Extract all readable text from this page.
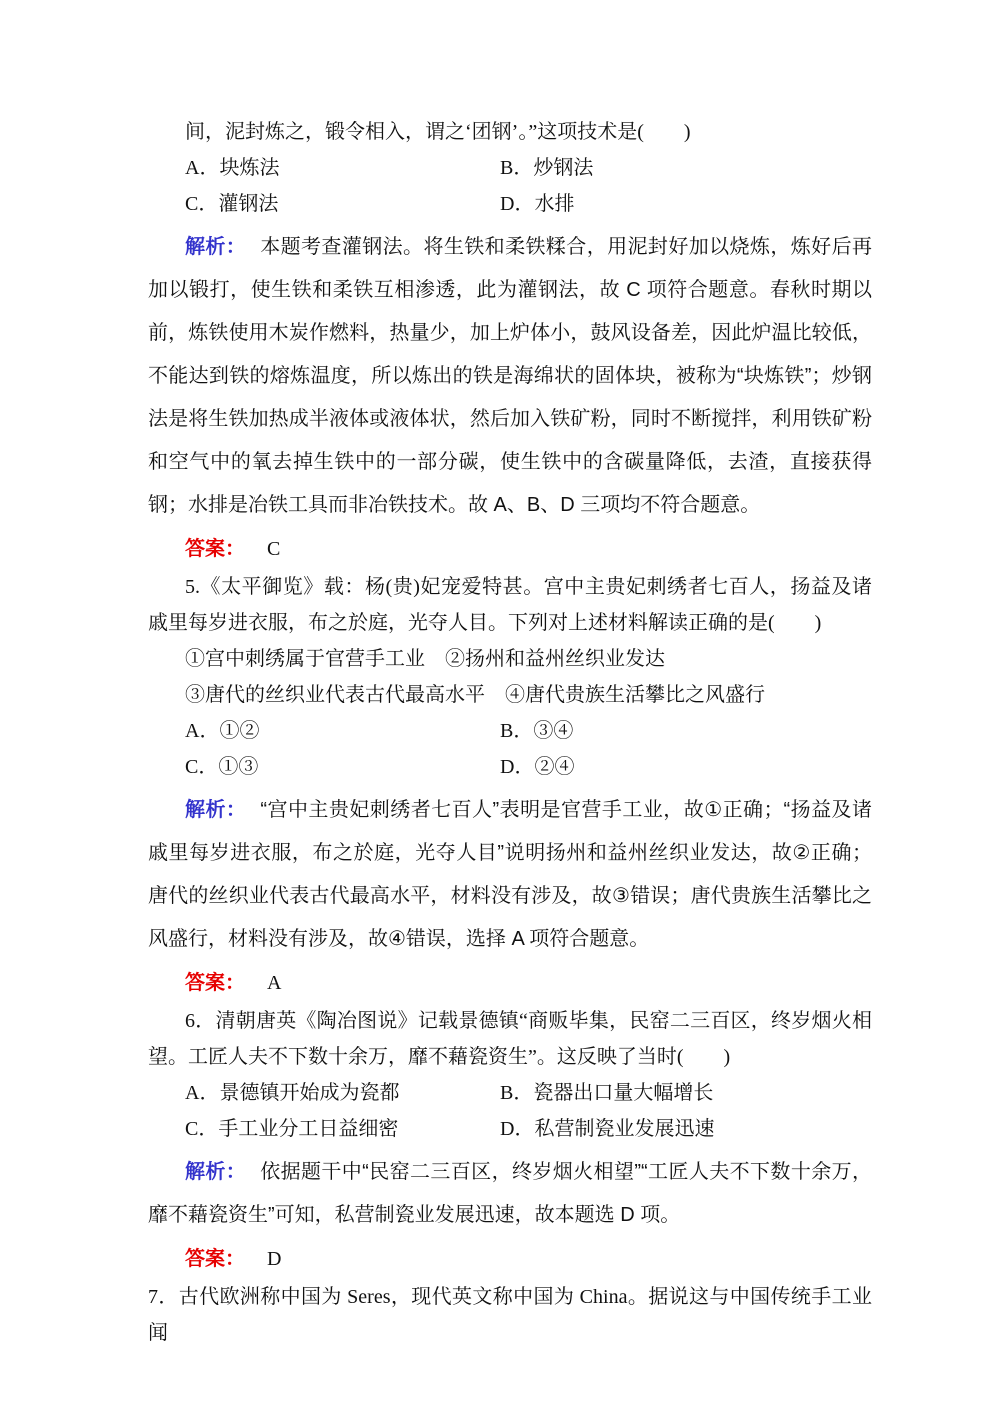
间，泥封炼之，锻令相入，谓之‘团钢’。”这项技术是(　　)

A．块炼法	B．炒钢法
C．灌钢法	D．水排

解析： 本题考查灌钢法。将生铁和柔铁糅合，用泥封好加以烧炼，炼好后再加以锻打，使生铁和柔铁互相渗透，此为灌钢法，故 C 项符合题意。春秋时期以前，炼铁使用木炭作燃料，热量少，加上炉体小，鼓风设备差，因此炉温比较低，不能达到铁的熔炼温度，所以炼出的铁是海绵状的固体块，被称为“块炼铁”；炒钢法是将生铁加热成半液体或液体状，然后加入铁矿粉，同时不断搅拌，利用铁矿粉和空气中的氧去掉生铁中的一部分碳，使生铁中的含碳量降低，去渣，直接获得钢；水排是冶铁工具而非冶铁技术。故 A、B、D 三项均不符合题意。

答案： C

5.《太平御览》载：杨(贵)妃宠爱特甚。宫中主贵妃刺绣者七百人，扬益及诸戚里每岁进衣服，布之於庭，光夺人目。下列对上述材料解读正确的是(　　)

①宫中刺绣属于官营手工业　②扬州和益州丝织业发达

③唐代的丝织业代表古代最高水平　④唐代贵族生活攀比之风盛行

A．①②	B．③④
C．①③	D．②④

解析： “宫中主贵妃刺绣者七百人”表明是官营手工业，故①正确；“扬益及诸戚里每岁进衣服，布之於庭，光夺人目”说明扬州和益州丝织业发达，故②正确；唐代的丝织业代表古代最高水平，材料没有涉及，故③错误；唐代贵族生活攀比之风盛行，材料没有涉及，故④错误，选择 A 项符合题意。

答案： A

6．清朝唐英《陶冶图说》记载景德镇“商贩毕集，民窑二三百区，终岁烟火相望。工匠人夫不下数十余万，靡不藉瓷资生”。这反映了当时(　　)

A．景德镇开始成为瓷都	B．瓷器出口量大幅增长
C．手工业分工日益细密	D．私营制瓷业发展迅速

解析： 依据题干中“民窑二三百区，终岁烟火相望”“工匠人夫不下数十余万，靡不藉瓷资生”可知，私营制瓷业发展迅速，故本题选 D 项。

答案： D

7．古代欧洲称中国为 Seres，现代英文称中国为 China。据说这与中国传统手工业闻
